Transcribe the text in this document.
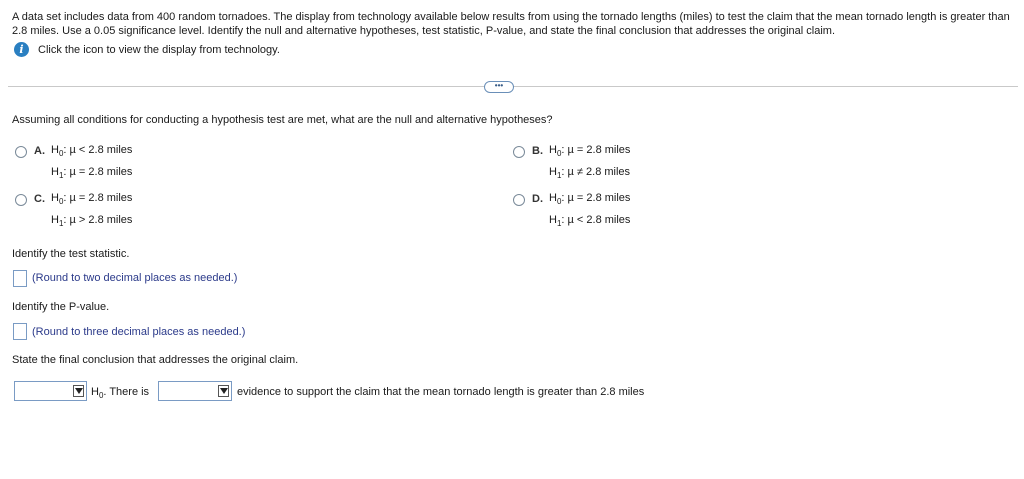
A data set includes data from 400 random tornadoes. The display from technology available below results from using the tornado lengths (miles) to test the claim that the mean tornado length is greater than 2.8 miles. Use a 0.05 significance level. Identify the null and alternative hypotheses, test statistic, P-value, and state the final conclusion that addresses the original claim.
i	Click the icon to view the display from technology.
•••
Assuming all conditions for conducting a hypothesis test are met, what are the null and alternative hypotheses?
A. $H_0$: µ < 2.8 miles
$H_1$: µ = 2.8 miles
B. $H_0$: µ = 2.8 miles
$H_1$: µ ≠ 2.8 miles
C. $H_0$: µ = 2.8 miles
$H_1$: µ > 2.8 miles
D. $H_0$: µ = 2.8 miles
$H_1$: µ < 2.8 miles
Identify the test statistic.
(Round to two decimal places as needed.)
Identify the P-value.
(Round to three decimal places as needed.)
State the final conclusion that addresses the original claim.
$H_0$. There is	evidence to support the claim that the mean tornado length is greater than 2.8 miles
